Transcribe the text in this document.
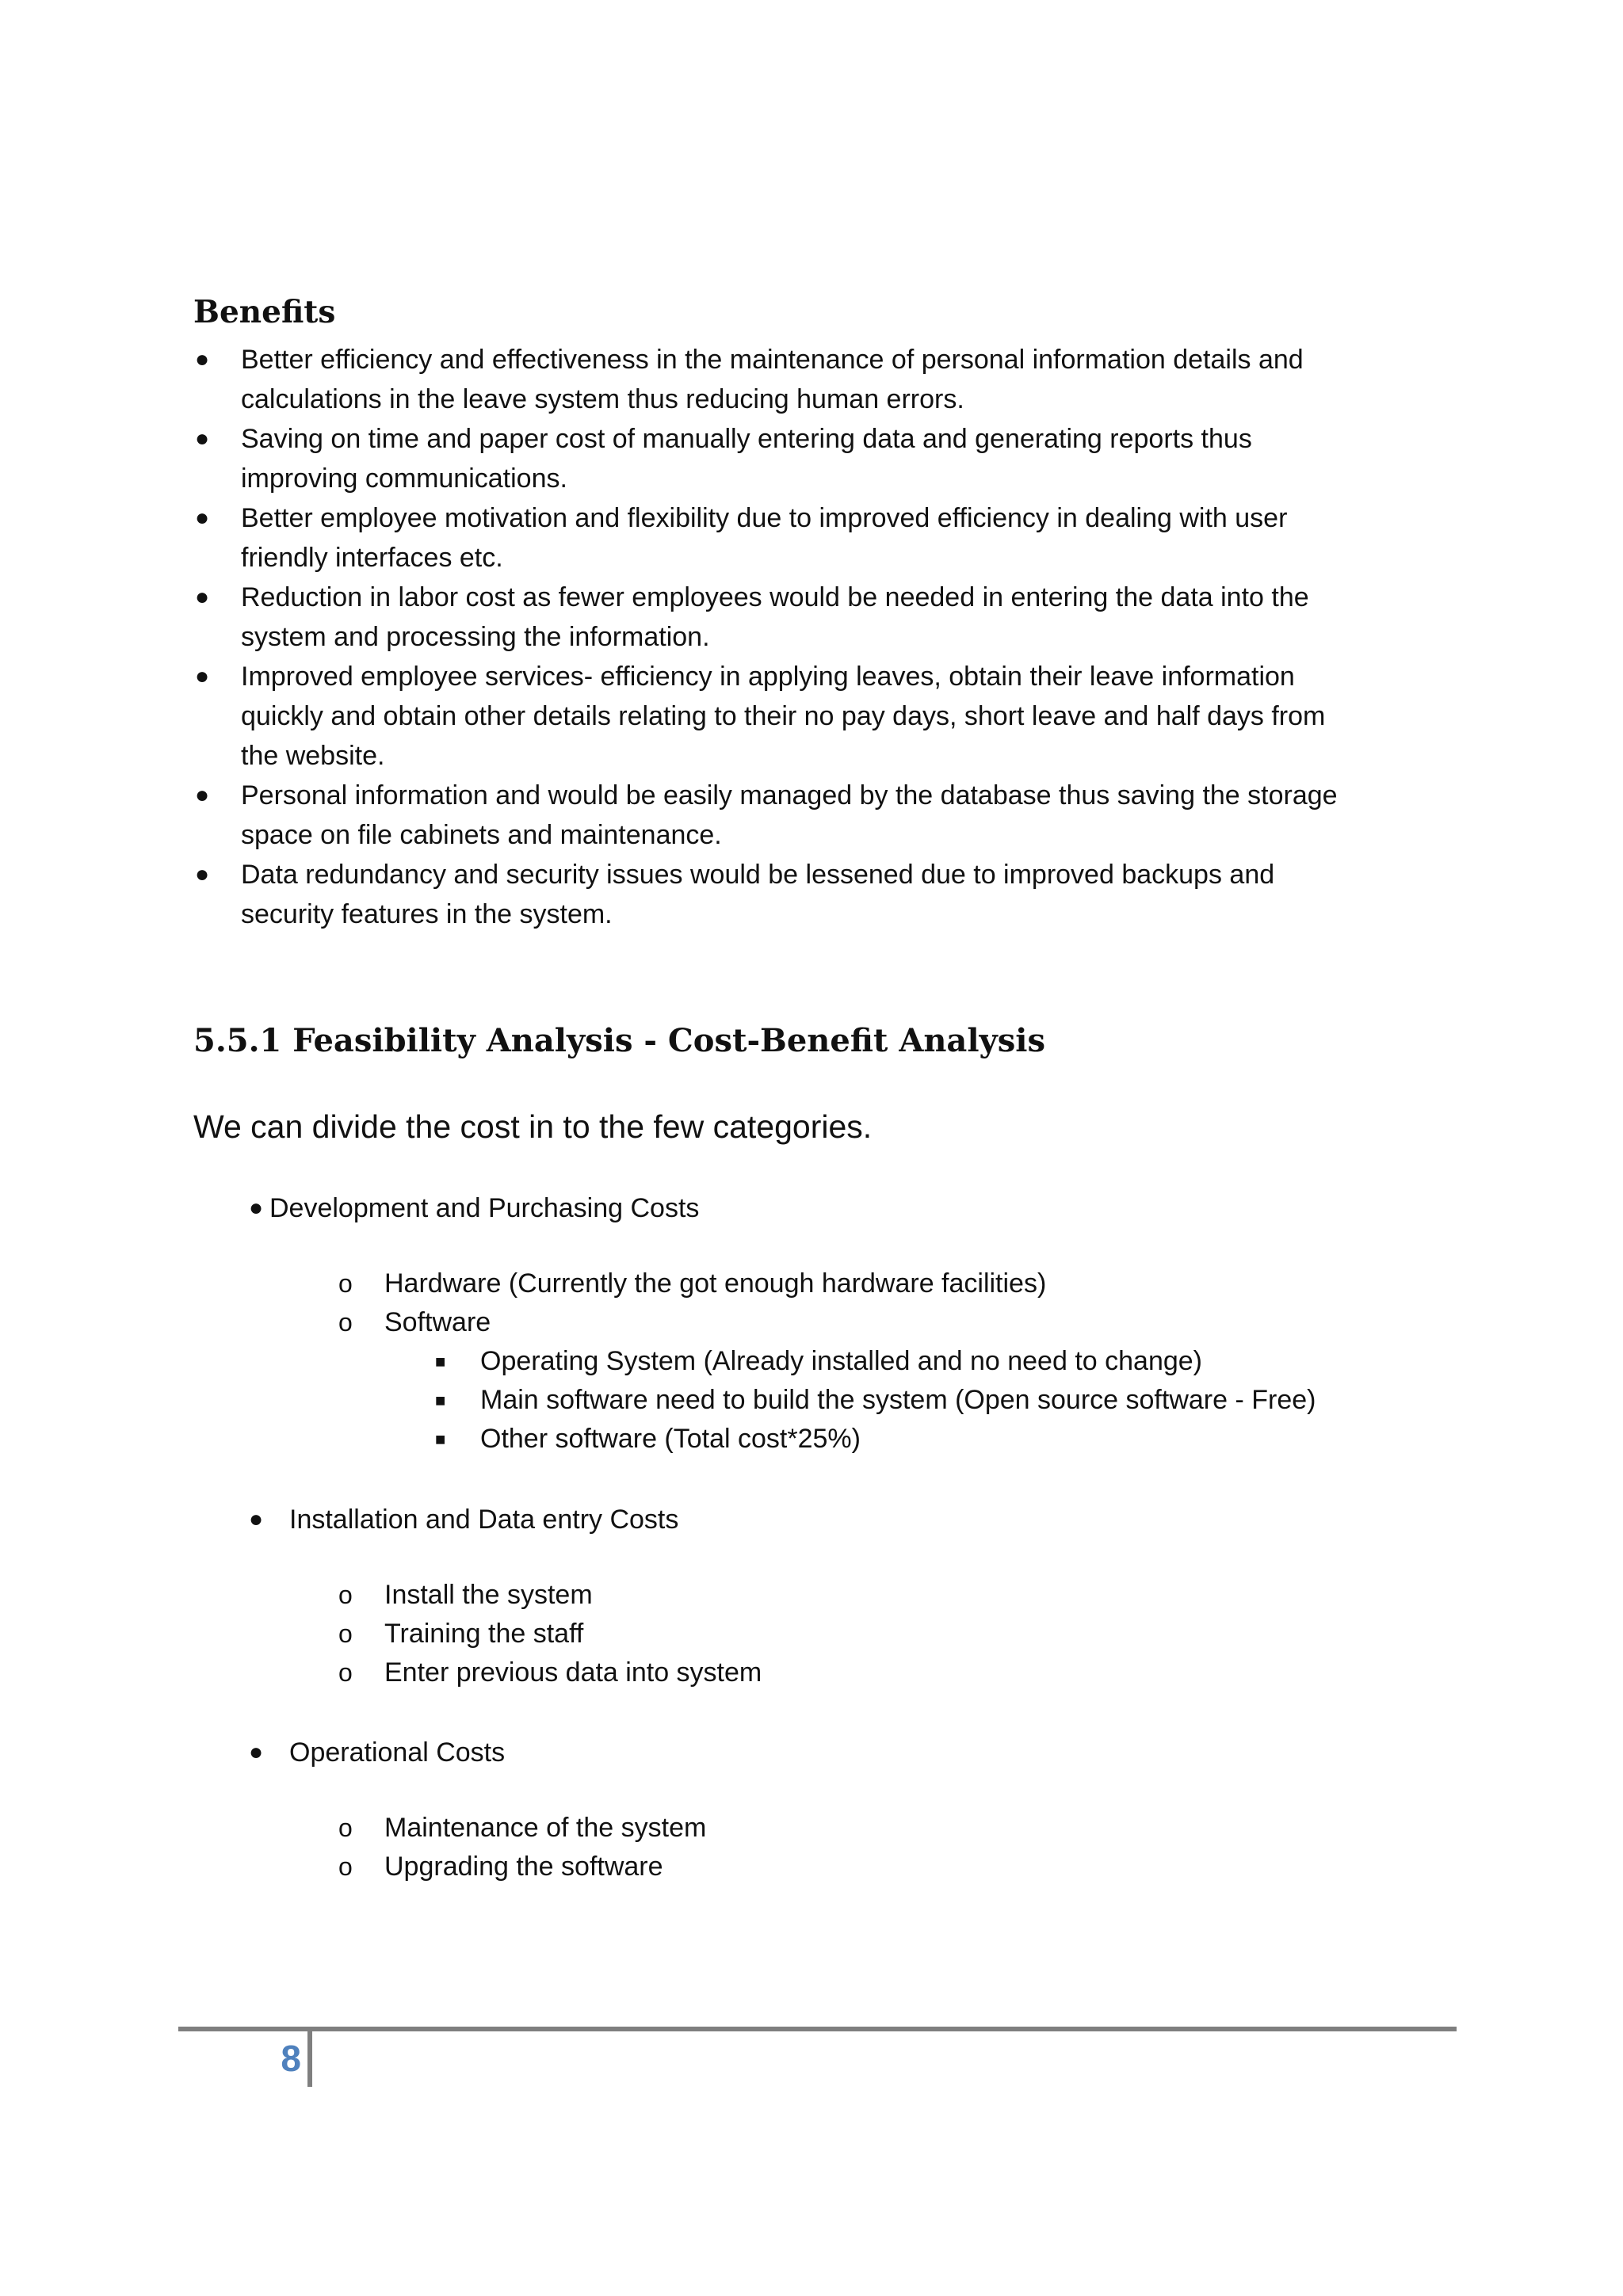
Benefits
● Better efficiency and effectiveness in the maintenance of personal information details and
calculations in the leave system thus reducing human errors.
● Saving on time and paper cost of manually entering data and generating reports thus
improving communications.
● Better employee motivation and flexibility due to improved efficiency in dealing with user
friendly interfaces etc.
● Reduction in labor cost as fewer employees would be needed in entering the data into the
system and processing the information.
● Improved employee services- efficiency in applying leaves, obtain their leave information
quickly and obtain other details relating to their no pay days, short leave and half days from
the website.
● Personal information and would be easily managed by the database thus saving the storage
space on file cabinets and maintenance.
● Data redundancy and security issues would be lessened due to improved backups and
security features in the system.
5.5.1 Feasibility Analysis - Cost-Benefit Analysis

We can divide the cost in to the few categories.

● Development and Purchasing Costs
o Hardware (Currently the got enough hardware facilities)
o Software
■ Operating System (Already installed and no need to change)
■ Main software need to build the system (Open source software - Free)
■ Other software (Total cost*25%)
● Installation and Data entry Costs
o Install the system
o Training the staff
o Enter previous data into system
● Operational Costs
o Maintenance of the system
o Upgrading the software
8
